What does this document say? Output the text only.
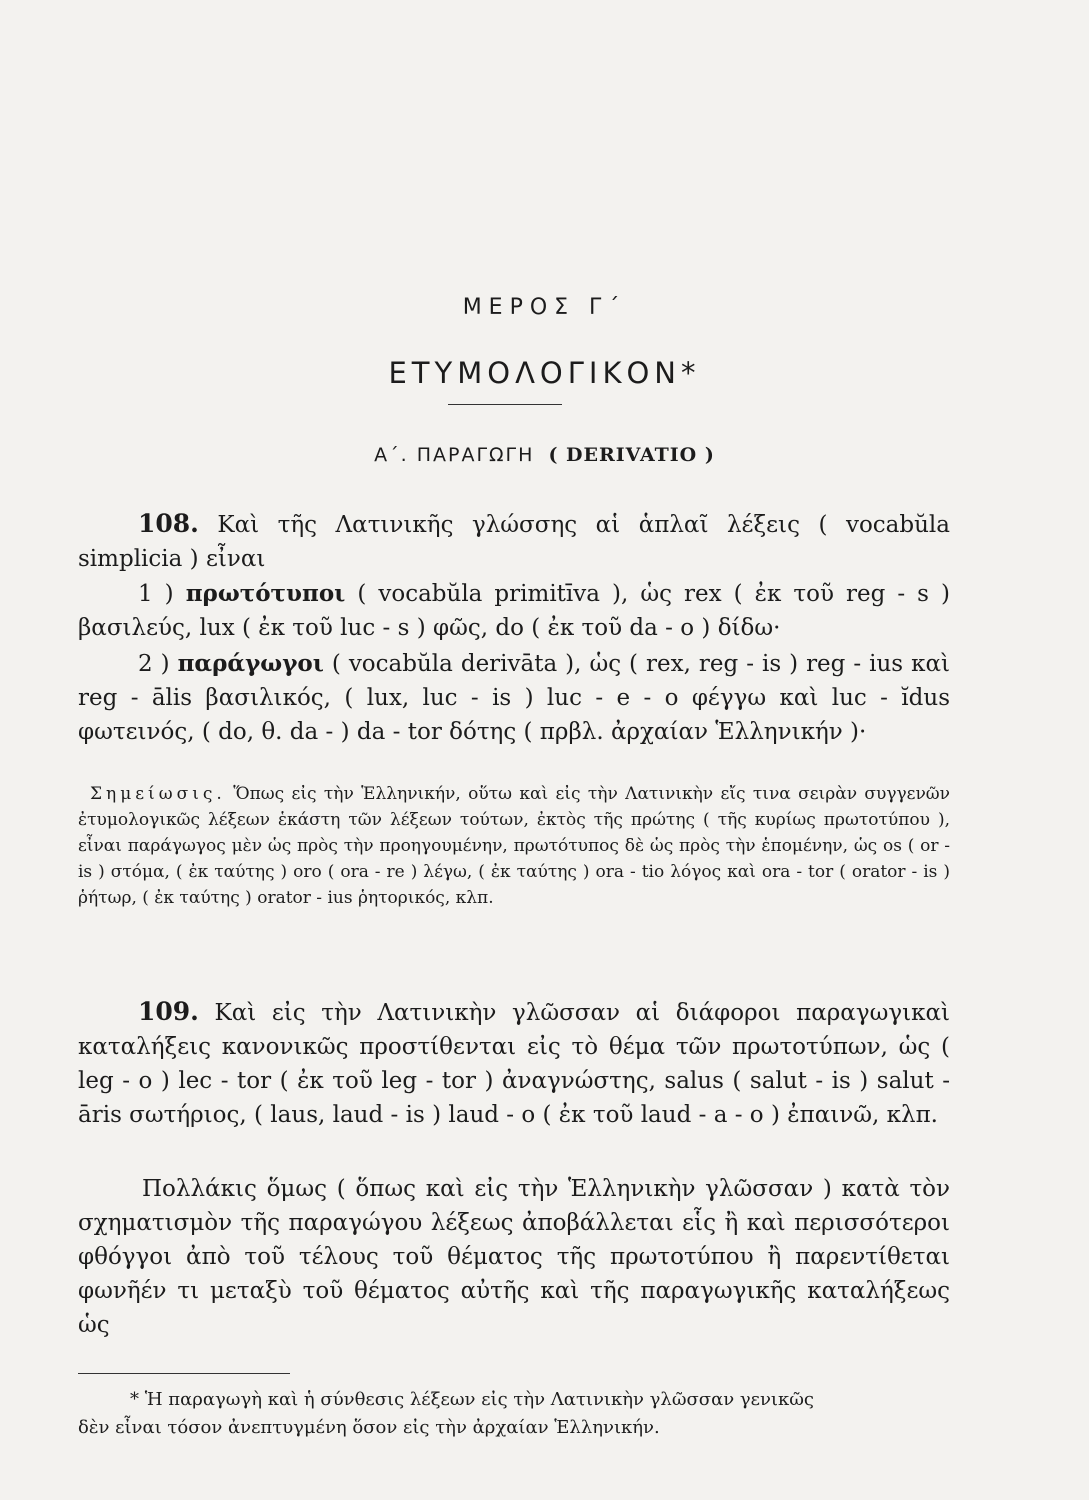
ΜΕΡΟΣ Γ΄
ΕΤΥΜΟΛΟΓΙΚΟΝ*
Α΄. ΠΑΡΑΓΩΓΗ ( DERIVATIO )

108. Καὶ τῆς Λατινικῆς γλώσσης αἱ ἁπλαῖ λέξεις ( vocabŭla simplicia ) εἶναι

1 ) πρωτότυποι ( vocabŭla primitīva ), ὡς rex ( ἐκ τοῦ reg - s ) βασιλεύς, lux ( ἐκ τοῦ luc - s ) φῶς, do ( ἐκ τοῦ da - o ) δίδω·

2 ) παράγωγοι ( vocabŭla derivāta ), ὡς ( rex, reg - is ) reg - ius καὶ reg - ālis βασιλικός, ( lux, luc - is ) luc - e - o φέγγω καὶ luc - ĭdus φωτεινός, ( do, θ. da - ) da - tor δότης ( πρβλ. ἀρχαίαν Ἑλληνικήν )·

Σημείωσις. Ὅπως εἰς τὴν Ἑλληνικήν, οὕτω καὶ εἰς τὴν Λατινικὴν εἴς τινα σειρὰν συγγενῶν ἐτυμολογικῶς λέξεων ἑκάστη τῶν λέξεων τούτων, ἐκτὸς τῆς πρώτης ( τῆς κυρίως πρωτοτύπου ), εἶναι παράγωγος μὲν ὡς πρὸς τὴν προηγουμένην, πρωτότυπος δὲ ὡς πρὸς τὴν ἑπομένην, ὡς os ( or - is ) στόμα, ( ἐκ ταύτης ) oro ( ora - re ) λέγω, ( ἐκ ταύτης ) ora - tio λόγος καὶ ora - tor ( orator - is ) ῥήτωρ, ( ἐκ ταύτης ) orator - ius ῥητορικός, κλπ.

109. Καὶ εἰς τὴν Λατινικὴν γλῶσσαν αἱ διάφοροι παραγωγικαὶ καταλήξεις κανονικῶς προστίθενται εἰς τὸ θέμα τῶν πρωτοτύπων, ὡς ( leg - o ) lec - tor ( ἐκ τοῦ leg - tor ) ἀναγνώστης, salus ( salut - is ) salut - āris σωτήριος, ( laus, laud - is ) laud - o ( ἐκ τοῦ laud - a - o ) ἐπαινῶ, κλπ.

Πολλάκις ὅμως ( ὅπως καὶ εἰς τὴν Ἑλληνικὴν γλῶσσαν ) κατὰ τὸν σχηματισμὸν τῆς παραγώγου λέξεως ἀποβάλλεται εἷς ἢ καὶ περισσότεροι φθόγγοι ἀπὸ τοῦ τέλους τοῦ θέματος τῆς πρωτοτύπου ἢ παρεντίθεται φωνῆέν τι μεταξὺ τοῦ θέματος αὐτῆς καὶ τῆς παραγωγικῆς καταλήξεως ὡς

* Ἡ παραγωγὴ καὶ ἡ σύνθεσις λέξεων εἰς τὴν Λατινικὴν γλῶσσαν γενικῶς
δὲν εἶναι τόσον ἀνεπτυγμένη ὅσον εἰς τὴν ἀρχαίαν Ἑλληνικήν.
